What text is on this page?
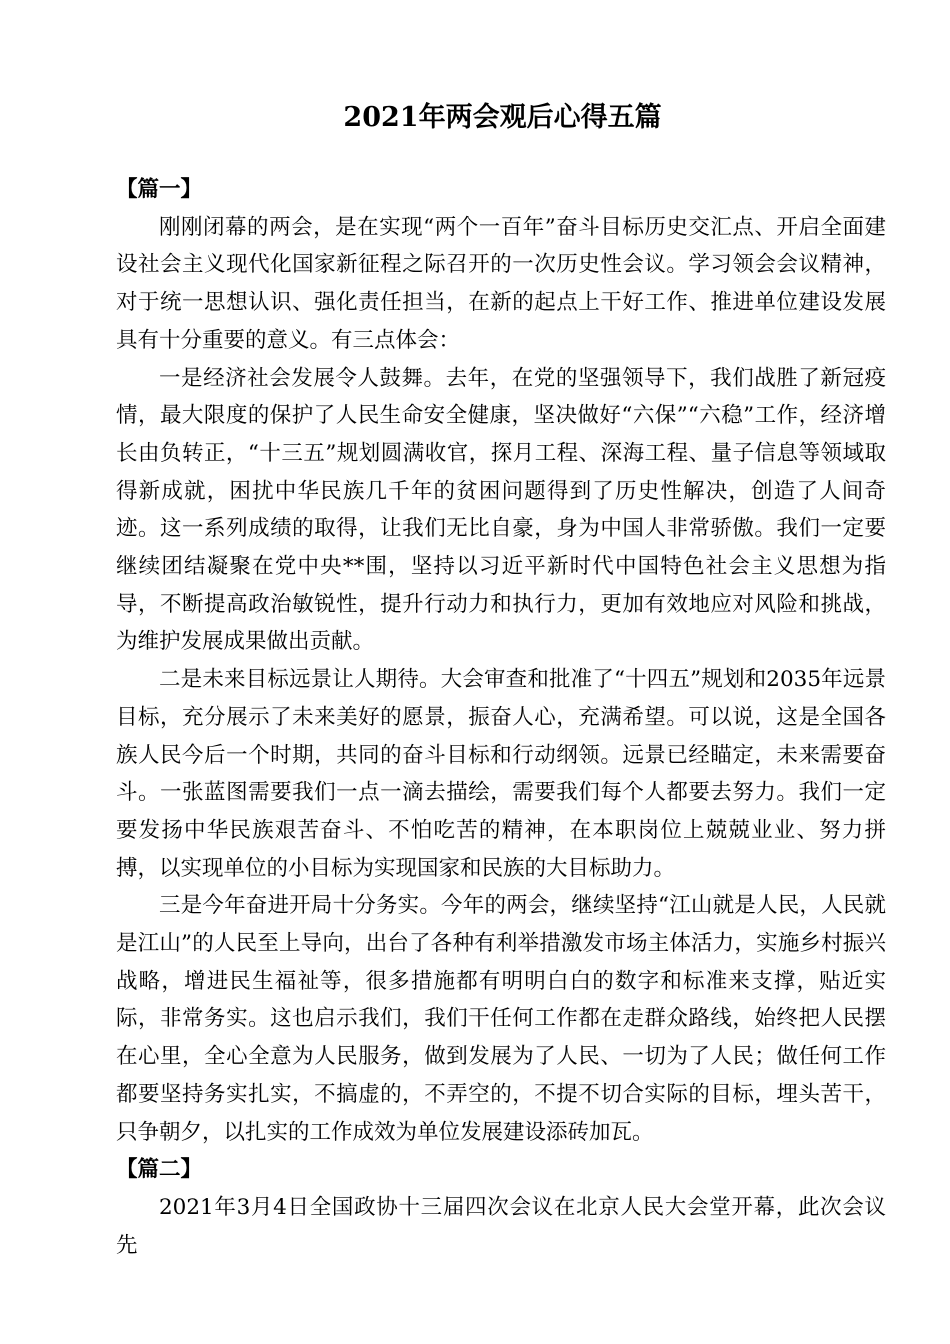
2021年两会观后心得五篇

【篇一】

刚刚闭幕的两会，是在实现“两个一百年”奋斗目标历史交汇点、开启全面建设社会主义现代化国家新征程之际召开的一次历史性会议。学习领会会议精神，对于统一思想认识、强化责任担当，在新的起点上干好工作、推进单位建设发展具有十分重要的意义。有三点体会：

一是经济社会发展令人鼓舞。去年，在党的坚强领导下，我们战胜了新冠疫情，最大限度的保护了人民生命安全健康，坚决做好“六保”“六稳”工作，经济增长由负转正，“十三五”规划圆满收官，探月工程、深海工程、量子信息等领域取得新成就，困扰中华民族几千年的贫困问题得到了历史性解决，创造了人间奇迹。这一系列成绩的取得，让我们无比自豪，身为中国人非常骄傲。我们一定要继续团结凝聚在党中央**围，坚持以习近平新时代中国特色社会主义思想为指导，不断提高政治敏锐性，提升行动力和执行力，更加有效地应对风险和挑战，为维护发展成果做出贡献。

二是未来目标远景让人期待。大会审查和批准了“十四五”规划和2035年远景目标，充分展示了未来美好的愿景，振奋人心，充满希望。可以说，这是全国各族人民今后一个时期，共同的奋斗目标和行动纲领。远景已经瞄定，未来需要奋斗。一张蓝图需要我们一点一滴去描绘，需要我们每个人都要去努力。我们一定要发扬中华民族艰苦奋斗、不怕吃苦的精神，在本职岗位上兢兢业业、努力拼搏，以实现单位的小目标为实现国家和民族的大目标助力。

三是今年奋进开局十分务实。今年的两会，继续坚持“江山就是人民，人民就是江山”的人民至上导向，出台了各种有利举措激发市场主体活力，实施乡村振兴战略，增进民生福祉等，很多措施都有明明白白的数字和标准来支撑，贴近实际，非常务实。这也启示我们，我们干任何工作都在走群众路线，始终把人民摆在心里，全心全意为人民服务，做到发展为了人民、一切为了人民；做任何工作都要坚持务实扎实，不搞虚的，不弄空的，不提不切合实际的目标，埋头苦干，只争朝夕，以扎实的工作成效为单位发展建设添砖加瓦。

【篇二】

2021年3月4日全国政协十三届四次会议在北京人民大会堂开幕，此次会议先
